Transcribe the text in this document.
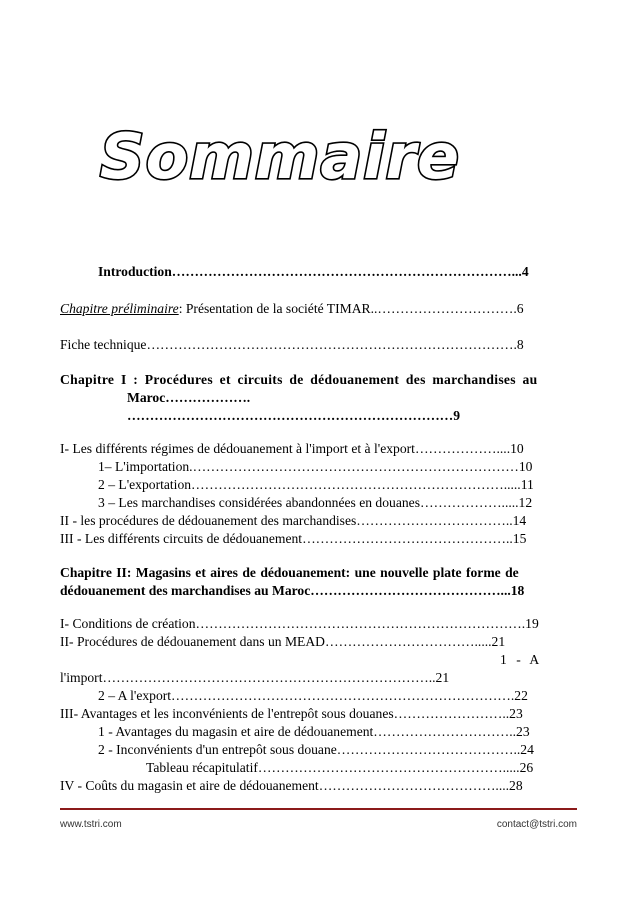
Sommaire
Introduction…………………………………………………………………...4
Chapitre préliminaire: Présentation de la société TIMAR..………………………….6
Fiche technique……………………………………………………………………….8
Chapitre I : Procédures et circuits de dédouanement des marchandises au
Maroc……………….
………………………………………………………………9
I- Les différents régimes de dédouanement à l'import et à l'export………………....10
1– L'importation.………………………………………………………………10
2 – L'exportation…………………………………………………………….....11
3 – Les marchandises considérées abandonnées en douanes……………….....12
II - les procédures de dédouanement des marchandises……………………………..14
III - Les différents circuits de dédouanement………………………………………..15
Chapitre II: Magasins et aires de dédouanement: une nouvelle plate forme de
dédouanement des marchandises au Maroc……………………………………...18
I- Conditions de création……………………………………………………………….19
II- Procédures de dédouanement dans un MEAD…………………………….....21
1 - A
l'import………………………………………………………………..21
2 – A l'export………………………………………………………………….22
III- Avantages et les inconvénients de l'entrepôt sous douanes……………………..23
1 - Avantages du magasin et aire de dédouanement…………………………..23
2 - Inconvénients d'un entrepôt sous douane…………………………………..24
Tableau récapitulatif……………………………………………….....26
IV - Coûts du magasin et aire de dédouanement…………………………………....28
www.tstri.com	contact@tstri.com
